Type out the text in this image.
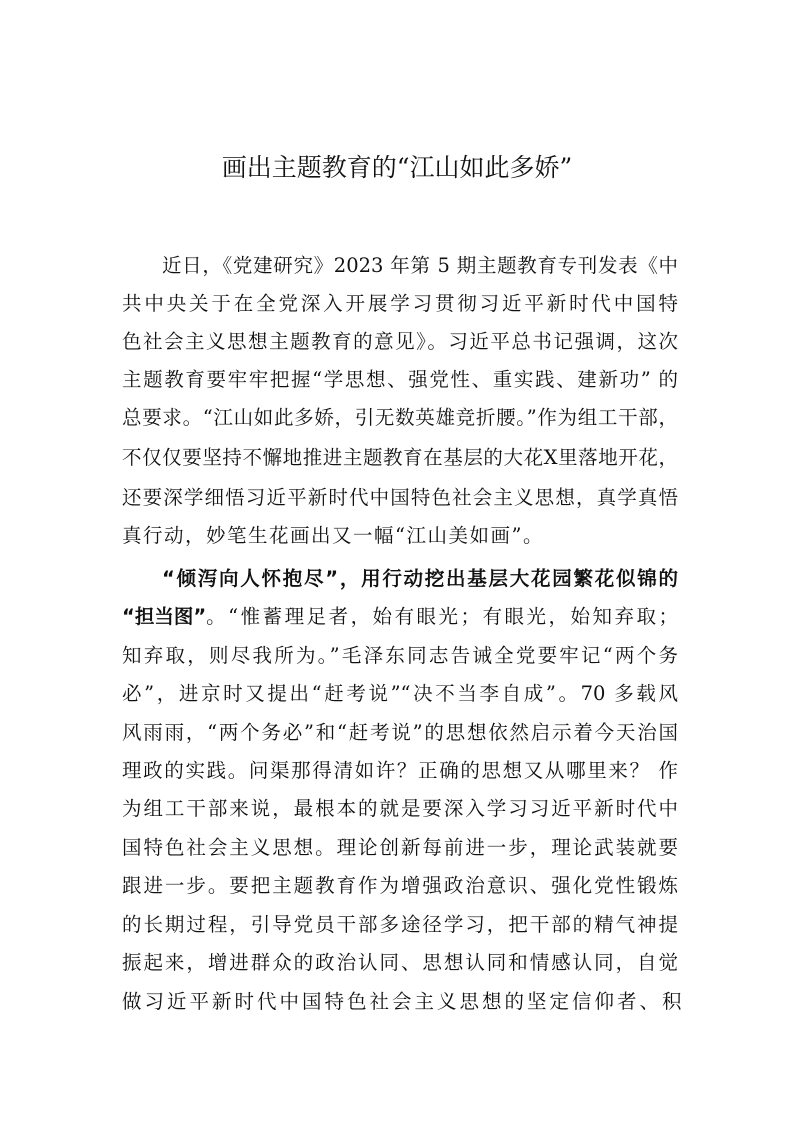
画出主题教育的“江山如此多娇”
近日，《党建研究》2023 年第 5 期主题教育专刊发表《中
共中央关于在全党深入开展学习贯彻习近平新时代中国特
色社会主义思想主题教育的意见》。习近平总书记强调，这次
主题教育要牢牢把握“学思想、强党性、重实践、建新功” 的
总要求。“江山如此多娇，引无数英雄竞折腰。”作为组工干部，
不仅仅要坚持不懈地推进主题教育在基层的大花X里落地开花，
还要深学细悟习近平新时代中国特色社会主义思想，真学真悟
真行动，妙笔生花画出又一幅“江山美如画”。
“倾泻向人怀抱尽”，用行动挖出基层大花园繁花似锦的
“担当图” 。“惟蓄理足者，始有眼光；有眼光，始知弃取；
知弃取，则尽我所为。”毛泽东同志告诫全党要牢记“两个务
必”，进京时又提出“赶考说”“决不当李自成”。70 多载风
风雨雨，“两个务必”和“赶考说”的思想依然启示着今天治国
理政的实践。问渠那得清如许？正确的思想又从哪里来？ 作
为组工干部来说，最根本的就是要深入学习习近平新时代中
国特色社会主义思想。理论创新每前进一步，理论武装就要
跟进一步。要把主题教育作为增强政治意识、强化党性锻炼
的长期过程，引导党员干部多途径学习，把干部的精气神提
振起来，增进群众的政治认同、思想认同和情感认同，自觉
做习近平新时代中国特色社会主义思想的坚定信仰者、积
